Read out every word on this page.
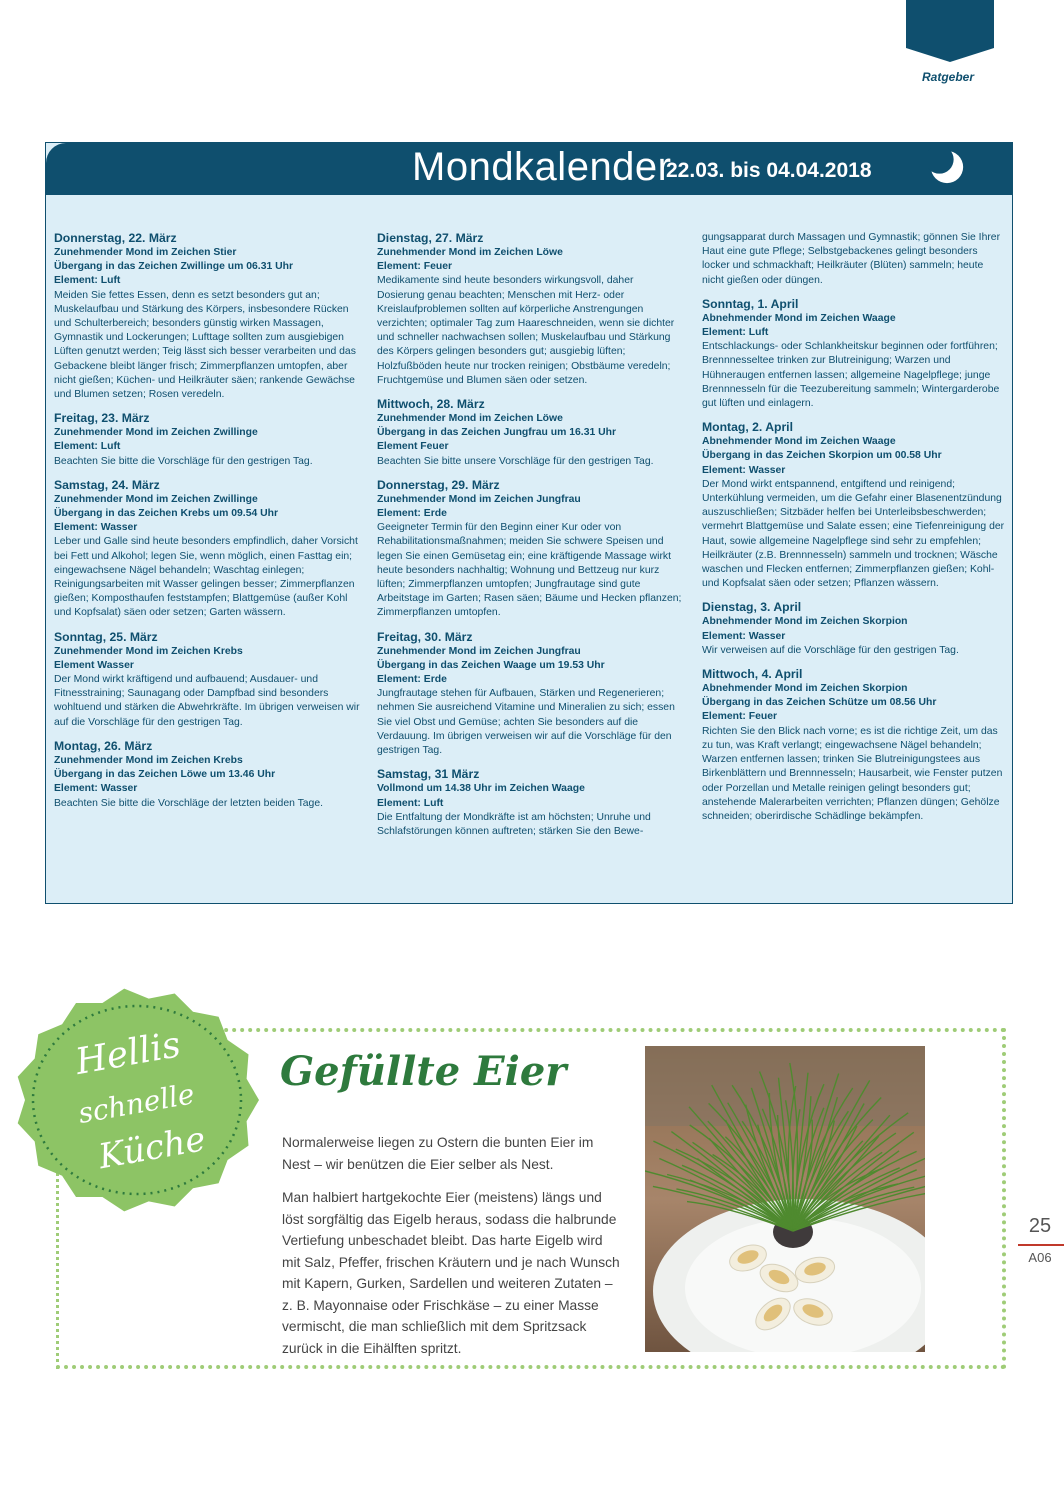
Ratgeber
Mondkalender
22.03. bis 04.04.2018
Donnerstag, 22. März
Zunehmender Mond im Zeichen Stier
Übergang in das Zeichen Zwillinge um 06.31 Uhr
Element: Luft
Meiden Sie fettes Essen, denn es setzt besonders gut an; Muskelaufbau und Stärkung des Körpers, insbesondere Rücken und Schulterbereich; besonders günstig wirken Massagen, Gymnastik und Lockerungen; Lufttage sollten zum ausgiebigen Lüften genutzt werden; Teig lässt sich besser verarbeiten und das Gebackene bleibt länger frisch; Zimmerpflanzen umtopfen, aber nicht gießen; Küchen- und Heilkräuter säen; rankende Gewächse und Blumen setzen; Rosen veredeln.
Freitag, 23. März
Zunehmender Mond im Zeichen Zwillinge
Element: Luft
Beachten Sie bitte die Vorschläge für den gestrigen Tag.
Samstag, 24. März
Zunehmender Mond im Zeichen Zwillinge
Übergang in das Zeichen Krebs um 09.54 Uhr
Element: Wasser
Leber und Galle sind heute besonders empfindlich, daher Vorsicht bei Fett und Alkohol; legen Sie, wenn möglich, einen Fasttag ein; eingewachsene Nägel behandeln; Waschtag einlegen; Reinigungsarbeiten mit Wasser gelingen besser; Zimmerpflanzen gießen; Komposthaufen feststampfen; Blattgemüse (außer Kohl und Kopfsalat) säen oder setzen; Garten wässern.
Sonntag, 25. März
Zunehmender Mond im Zeichen Krebs
Element Wasser
Der Mond wirkt kräftigend und aufbauend; Ausdauer- und Fitnesstraining; Saunagang oder Dampfbad sind besonders wohltuend und stärken die Abwehrkräfte. Im übrigen verweisen wir auf die Vorschläge für den gestrigen Tag.
Montag, 26. März
Zunehmender Mond im Zeichen Krebs
Übergang in das Zeichen Löwe um 13.46 Uhr
Element: Wasser
Beachten Sie bitte die Vorschläge der letzten beiden Tage.
Dienstag, 27. März
Zunehmender Mond im Zeichen Löwe
Element: Feuer
Medikamente sind heute besonders wirkungsvoll, daher Dosierung genau beachten; Menschen mit Herz- oder Kreislaufproblemen sollten auf körperliche Anstrengungen verzichten; optimaler Tag zum Haareschneiden, wenn sie dichter und schneller nachwachsen sollen; Muskelaufbau und Stärkung des Körpers gelingen besonders gut; ausgiebig lüften; Holzfußböden heute nur trocken reinigen; Obstbäume veredeln; Fruchtgemüse und Blumen säen oder setzen.
Mittwoch, 28. März
Zunehmender Mond im Zeichen Löwe
Übergang in das Zeichen Jungfrau um 16.31 Uhr
Element Feuer
Beachten Sie bitte unsere Vorschläge für den gestrigen Tag.
Donnerstag, 29. März
Zunehmender Mond im Zeichen Jungfrau
Element: Erde
Geeigneter Termin für den Beginn einer Kur oder von Rehabilitationsmaßnahmen; meiden Sie schwere Speisen und legen Sie einen Gemüsetag ein; eine kräftigende Massage wirkt heute besonders nachhaltig; Wohnung und Bettzeug nur kurz lüften; Zimmerpflanzen umtopfen; Jungfrautage sind gute Arbeitstage im Garten; Rasen säen; Bäume und Hecken pflanzen; Zimmerpflanzen umtopfen.
Freitag, 30. März
Zunehmender Mond im Zeichen Jungfrau
Übergang in das Zeichen Waage um 19.53 Uhr
Element: Erde
Jungfrautage stehen für Aufbauen, Stärken und Regenerieren; nehmen Sie ausreichend Vitamine und Mineralien zu sich; essen Sie viel Obst und Gemüse; achten Sie besonders auf die Verdauung. Im übrigen verweisen wir auf die Vorschläge für den gestrigen Tag.
Samstag, 31 März
Vollmond um 14.38 Uhr im Zeichen Waage
Element: Luft
Die Entfaltung der Mondkräfte ist am höchsten; Unruhe und Schlafstörungen können auftreten; stärken Sie den Bewe-
gungsapparat durch Massagen und Gymnastik; gönnen Sie Ihrer Haut eine gute Pflege; Selbstgebackenes gelingt besonders locker und schmackhaft; Heilkräuter (Blüten) sammeln; heute nicht gießen oder düngen.
Sonntag, 1. April
Abnehmender Mond im Zeichen Waage
Element: Luft
Entschlackungs- oder Schlankheitskur beginnen oder fortführen; Brennnesseltee trinken zur Blutreinigung; Warzen und Hühneraugen entfernen lassen; allgemeine Nagelpflege; junge Brennnesseln für die Teezubereitung sammeln; Wintergarderobe gut lüften und einlagern.
Montag, 2. April
Abnehmender Mond im Zeichen Waage
Übergang in das Zeichen Skorpion um 00.58 Uhr
Element: Wasser
Der Mond wirkt entspannend, entgiftend und reinigend; Unterkühlung vermeiden, um die Gefahr einer Blasenentzündung auszuschließen; Sitzbäder helfen bei Unterleibsbeschwerden; vermehrt Blattgemüse und Salate essen; eine Tiefenreinigung der Haut, sowie allgemeine Nagelpflege sind sehr zu empfehlen; Heilkräuter (z.B. Brennnesseln) sammeln und trocknen; Wäsche waschen und Flecken entfernen; Zimmerpflanzen gießen; Kohl- und Kopfsalat säen oder setzen; Pflanzen wässern.
Dienstag, 3. April
Abnehmender Mond im Zeichen Skorpion
Element: Wasser
Wir verweisen auf die Vorschläge für den gestrigen Tag.
Mittwoch, 4. April
Abnehmender Mond im Zeichen Skorpion
Übergang in das Zeichen Schütze um 08.56 Uhr
Element: Feuer
Richten Sie den Blick nach vorne; es ist die richtige Zeit, um das zu tun, was Kraft verlangt; eingewachsene Nägel behandeln; Warzen entfernen lassen; trinken Sie Blutreinigungstees aus Birkenblättern und Brennnesseln; Hausarbeit, wie Fenster putzen oder Porzellan und Metalle reinigen gelingt besonders gut; anstehende Malerarbeiten verrichten; Pflanzen düngen; Gehölze schneiden; oberirdische Schädlinge bekämpfen.
Hellis
schnelle
Küche
Gefüllte Eier

Normalerweise liegen zu Ostern die bunten Eier im Nest – wir benützen die Eier selber als Nest.

Man halbiert hartgekochte Eier (meistens) längs und löst sorgfältig das Eigelb heraus, sodass die halbrunde Vertiefung unbeschadet bleibt. Das harte Eigelb wird mit Salz, Pfeffer, frischen Kräutern und je nach Wunsch mit Kapern, Gurken, Sardellen und weiteren Zutaten – z. B. Mayonnaise oder Frischkäse – zu einer Masse vermischt, die man schließlich mit dem Spritzsack zurück in die Eihälften spritzt.

25
A06
